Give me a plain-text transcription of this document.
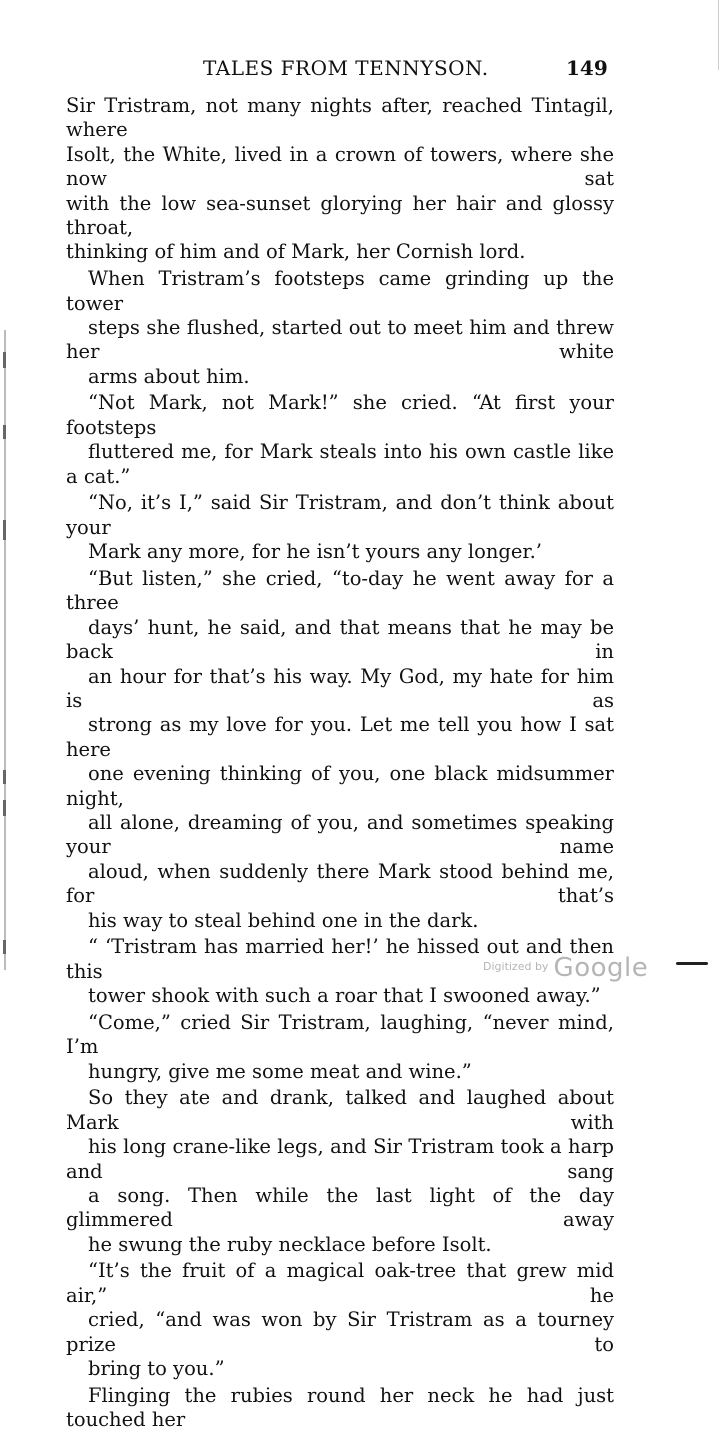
TALES FROM TENNYSON.	149

Sir Tristram, not many nights after, reached Tintagil, where
Isolt, the White, lived in a crown of towers, where she now sat
with the low sea-sunset glorying her hair and glossy throat,
thinking of him and of Mark, her Cornish lord.

When Tristram’s footsteps came grinding up the tower
steps she flushed, started out to meet him and threw her white
arms about him.

“Not Mark, not Mark!” she cried. “At first your footsteps
fluttered me, for Mark steals into his own castle like a cat.”

“No, it’s I,” said Sir Tristram, and don’t think about your
Mark any more, for he isn’t yours any longer.’

“But listen,” she cried, “to-day he went away for a three
days’ hunt, he said, and that means that he may be back in
an hour for that’s his way. My God, my hate for him is as
strong as my love for you. Let me tell you how I sat here
one evening thinking of you, one black midsummer night,
all alone, dreaming of you, and sometimes speaking your name
aloud, when suddenly there Mark stood behind me, for that’s
his way to steal behind one in the dark.

“ ‘Tristram has married her!’ he hissed out and then this
tower shook with such a roar that I swooned away.”

“Come,” cried Sir Tristram, laughing, “never mind, I’m
hungry, give me some meat and wine.”

So they ate and drank, talked and laughed about Mark with
his long crane-like legs, and Sir Tristram took a harp and sang
a song. Then while the last light of the day glimmered away
he swung the ruby necklace before Isolt.

“It’s the fruit of a magical oak-tree that grew mid air,” he
cried, “and was won by Sir Tristram as a tourney prize to
bring to you.”

Flinging the rubies round her neck he had just touched her

$^{Digitized by}$ Google
